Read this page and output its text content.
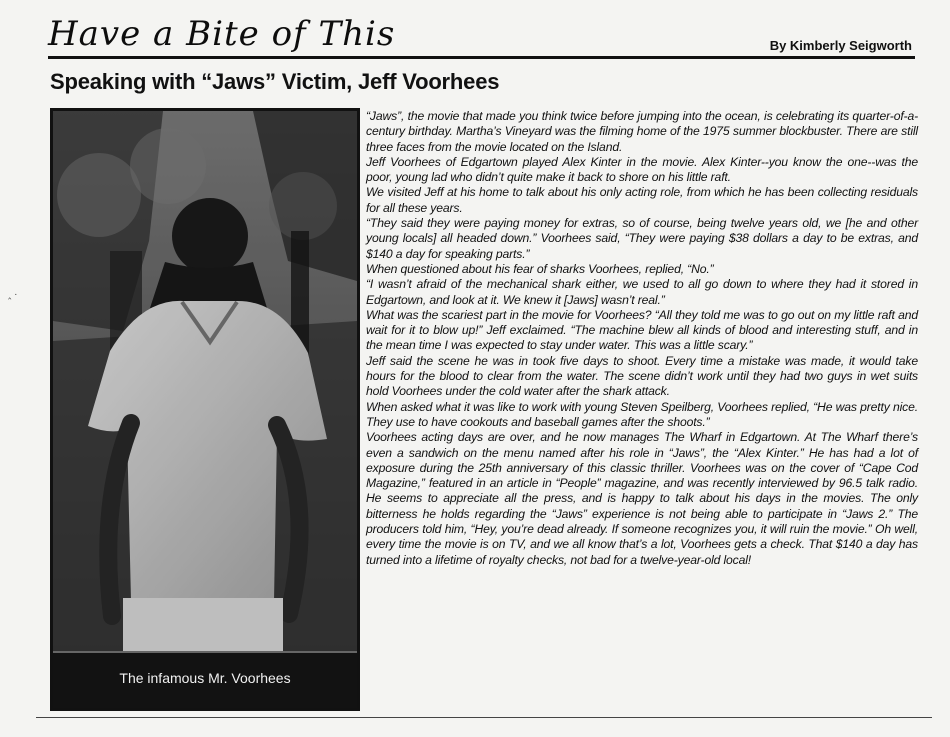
Have a Bite of This	By Kimberly Seigworth
Speaking with “Jaws” Victim, Jeff Voorhees
‸ ·
The infamous Mr. Voorhees

“Jaws”, the movie that made you think twice before jumping into the ocean, is celebrating its quarter-of-a-century birthday. Martha’s Vineyard was the filming home of the 1975 summer blockbuster. There are still three faces from the movie located on the Island.

Jeff Voorhees of Edgartown played Alex Kinter in the movie. Alex Kinter--you know the one--was the poor, young lad who didn’t quite make it back to shore on his little raft.

We visited Jeff at his home to talk about his only acting role, from which he has been collecting residuals for all these years.

“They said they were paying money for extras, so of course, being twelve years old, we [he and other young locals] all headed down.” Voorhees said, “They were paying $38 dollars a day to be extras, and $140 a day for speaking parts.”

When questioned about his fear of sharks Voorhees, replied, “No.”

“I wasn’t afraid of the mechanical shark either, we used to all go down to where they had it stored in Edgartown, and look at it. We knew it [Jaws] wasn’t real.”

What was the scariest part in the movie for Voorhees? “All they told me was to go out on my little raft and wait for it to blow up!” Jeff exclaimed. “The machine blew all kinds of blood and interesting stuff, and in the mean time I was expected to stay under water. This was a little scary.”

Jeff said the scene he was in took five days to shoot. Every time a mistake was made, it would take hours for the blood to clear from the water. The scene didn’t work until they had two guys in wet suits hold Voorhees under the cold water after the shark attack.

When asked what it was like to work with young Steven Speilberg, Voorhees replied, “He was pretty nice. They use to have cookouts and baseball games after the shoots.”

Voorhees acting days are over, and he now manages The Wharf in Edgartown. At The Wharf there’s even a sandwich on the menu named after his role in “Jaws”, the “Alex Kinter.” He has had a lot of exposure during the 25th anniversary of this classic thriller. Voorhees was on the cover of “Cape Cod Magazine,” featured in an article in “People” magazine, and was recently interviewed by 96.5 talk radio. He seems to appreciate all the press, and is happy to talk about his days in the movies. The only bitterness he holds regarding the “Jaws” experience is not being able to participate in “Jaws 2.” The producers told him, “Hey, you’re dead already. If someone recognizes you, it will ruin the movie.” Oh well, every time the movie is on TV, and we all know that’s a lot, Voorhees gets a check. That $140 a day has turned into a lifetime of royalty checks, not bad for a twelve-year-old local!
